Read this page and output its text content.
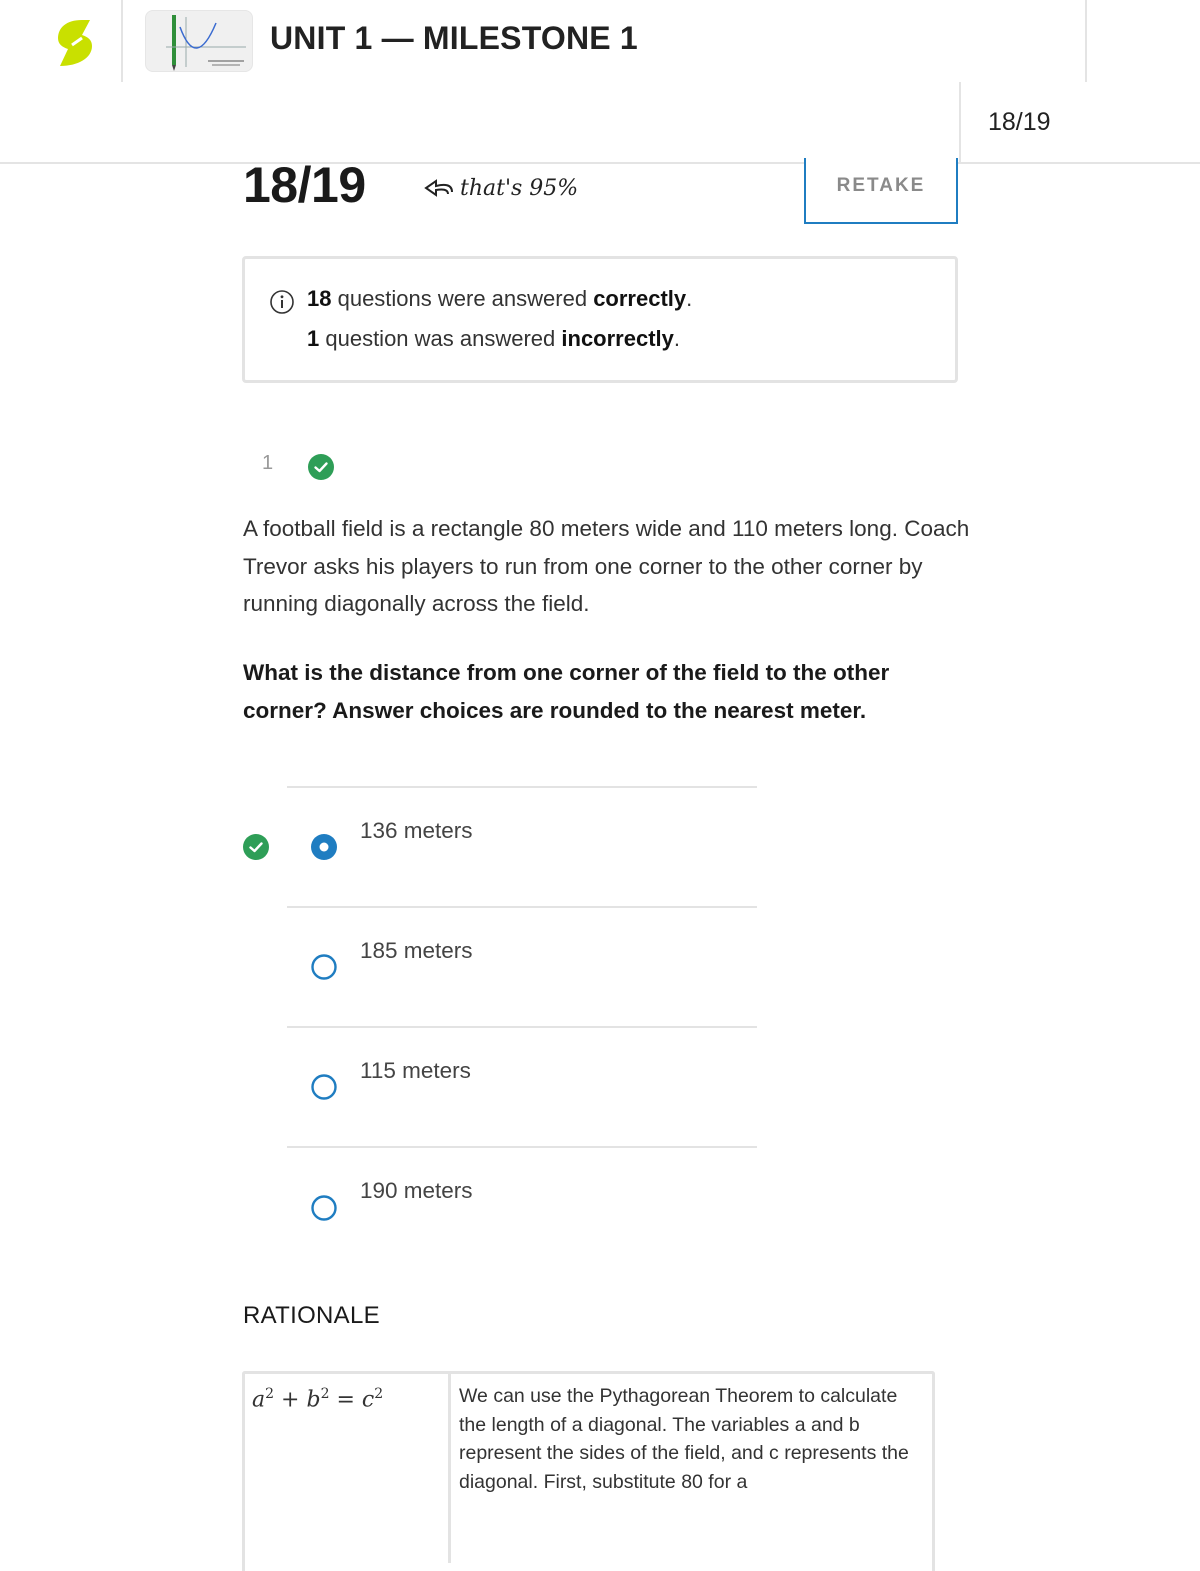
UNIT 1 — MILESTONE 1
18/19
18/19	that's 95%	RETAKE
18 questions were answered correctly.
1 question was answered incorrectly.
1
A football field is a rectangle 80 meters wide and 110 meters long. Coach Trevor asks his players to run from one corner to the other corner by running diagonally across the field.
What is the distance from one corner of the field to the other corner? Answer choices are rounded to the nearest meter.
136 meters
185 meters
115 meters
190 meters
RATIONALE
$a^2 + b^2 = c^2$	We can use the Pythagorean Theorem to calculate the length of a diagonal. The variables a and b represent the sides of the field, and c represents the diagonal. First, substitute 80 for a
